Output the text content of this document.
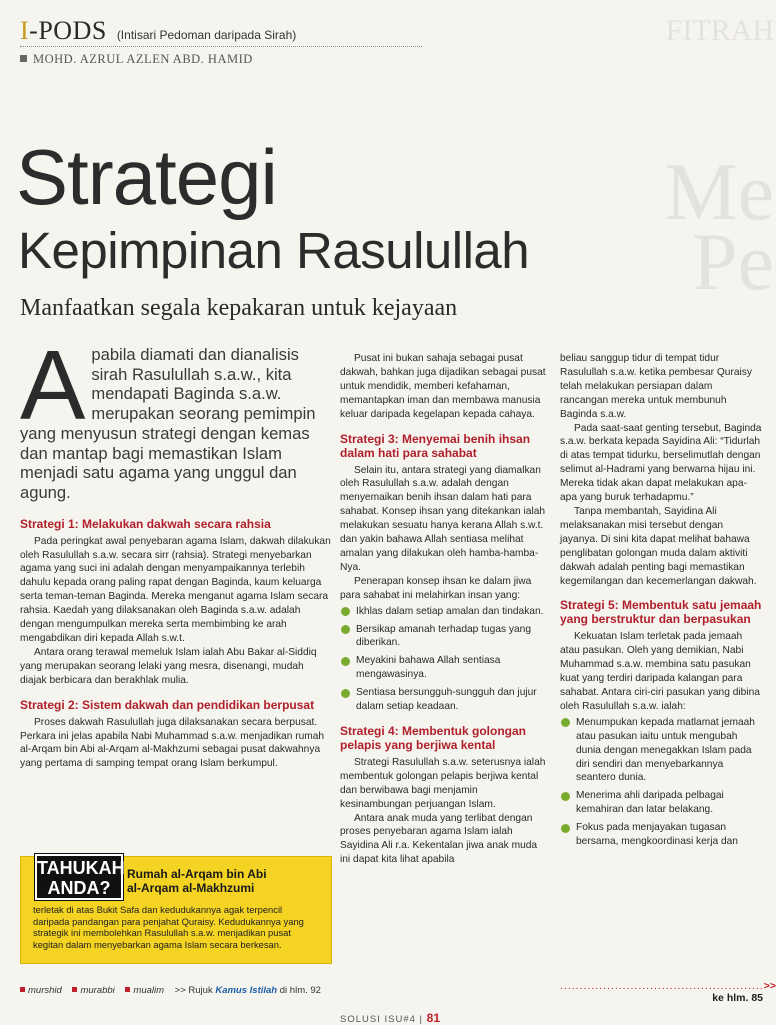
FITRAH
Me
Pe
I-PODS (Intisari Pedoman daripada Sirah)
MOHD. AZRUL AZLEN ABD. HAMID
Strategi
Kepimpinan Rasulullah
Manfaatkan segala kepakaran untuk kejayaan

Apabila diamati dan dianalisis sirah Rasulullah s.a.w., kita mendapati Baginda s.a.w. merupakan seorang pemimpin yang menyusun strategi dengan kemas dan mantap bagi memastikan Islam menjadi satu agama yang unggul dan agung.

Strategi 1: Melakukan dakwah secara rahsia

Pada peringkat awal penyebaran agama Islam, dakwah dilakukan oleh Rasulullah s.a.w. secara sirr (rahsia). Strategi menyebarkan agama yang suci ini adalah dengan menyampaikannya terlebih dahulu kepada orang paling rapat dengan Baginda, kaum keluarga serta teman-teman Baginda. Mereka menganut agama Islam secara rahsia. Kaedah yang dilaksanakan oleh Baginda s.a.w. adalah dengan mengumpulkan mereka serta membimbing ke arah mengabdikan diri kepada Allah s.w.t.

Antara orang terawal memeluk Islam ialah Abu Bakar al-Siddiq yang merupakan seorang lelaki yang mesra, disenangi, mudah diajak berbicara dan berakhlak mulia.

Strategi 2: Sistem dakwah dan pendidikan berpusat

Proses dakwah Rasulullah juga dilaksanakan secara berpusat. Perkara ini jelas apabila Nabi Muhammad s.a.w. menjadikan rumah al-Arqam bin Abi al-Arqam al-Makhzumi sebagai pusat dakwahnya yang pertama di samping tempat orang Islam berkumpul.

Pusat ini bukan sahaja sebagai pusat dakwah, bahkan juga dijadikan sebagai pusat untuk mendidik, memberi kefahaman, memantapkan iman dan membawa manusia keluar daripada kegelapan kepada cahaya.

Strategi 3: Menyemai benih ihsan dalam hati para sahabat

Selain itu, antara strategi yang diamalkan oleh Rasulullah s.a.w. adalah dengan menyemaikan benih ihsan dalam hati para sahabat. Konsep ihsan yang ditekankan ialah melakukan sesuatu hanya kerana Allah s.w.t. dan yakin bahawa Allah sentiasa melihat amalan yang dilakukan oleh hamba-hamba-Nya.

Penerapan konsep ihsan ke dalam jiwa para sahabat ini melahirkan insan yang:

Ikhlas dalam setiap amalan dan tindakan.
Bersikap amanah terhadap tugas yang diberikan.
Meyakini bahawa Allah sentiasa mengawasinya.
Sentiasa bersungguh-sungguh dan jujur dalam setiap keadaan.
Strategi 4: Membentuk golongan pelapis yang berjiwa kental

Strategi Rasulullah s.a.w. seterusnya ialah membentuk golongan pelapis berjiwa kental dan berwibawa bagi menjamin kesinambungan perjuangan Islam.

Antara anak muda yang terlibat dengan proses penyebaran agama Islam ialah Sayidina Ali r.a. Kekentalan jiwa anak muda ini dapat kita lihat apabila

beliau sanggup tidur di tempat tidur Rasulullah s.a.w. ketika pembesar Quraisy telah melakukan persiapan dalam rancangan mereka untuk membunuh Baginda s.a.w.

Pada saat-saat genting tersebut, Baginda s.a.w. berkata kepada Sayidina Ali: “Tidurlah di atas tempat tidurku, berselimutlah dengan selimut al-Hadrami yang berwarna hijau ini. Mereka tidak akan dapat melakukan apa-apa yang buruk terhadapmu.”

Tanpa membantah, Sayidina Ali melaksanakan misi tersebut dengan jayanya. Di sini kita dapat melihat bahawa penglibatan golongan muda dalam aktiviti dakwah adalah penting bagi memastikan kegemilangan dan kecemerlangan dakwah.

Strategi 5: Membentuk satu jemaah yang berstruktur dan berpasukan

Kekuatan Islam terletak pada jemaah atau pasukan. Oleh yang demikian, Nabi Muhammad s.a.w. membina satu pasukan kuat yang terdiri daripada kalangan para sahabat. Antara ciri-ciri pasukan yang dibina oleh Rasulullah s.a.w. ialah:

Menumpukan kepada matlamat jemaah atau pasukan iaitu untuk mengubah dunia dengan menegakkan Islam pada diri sendiri dan menyebarkannya seantero dunia.
Menerima ahli daripada pelbagai kemahiran dan latar belakang.
Fokus pada menjayakan tugasan bersama, mengkoordinasi kerja dan
TAHUKAH
ANDA?
Rumah al-Arqam bin Abi
al-Arqam al-Makhzumi
terletak di atas Bukit Safa dan kedudukannya agak terpencil daripada pandangan para penjahat Quraisy. Kedudukannya yang strategik ini membolehkan Rasulullah s.a.w. menjadikan pusat kegitan dalam menyebarkan agama Islam secara berkesan.
murshid murabbi mualim >> Rujuk Kamus Istilah di hlm. 92	....................................................>> ke hlm. 85
SOLUSI ISU#4 | 81
